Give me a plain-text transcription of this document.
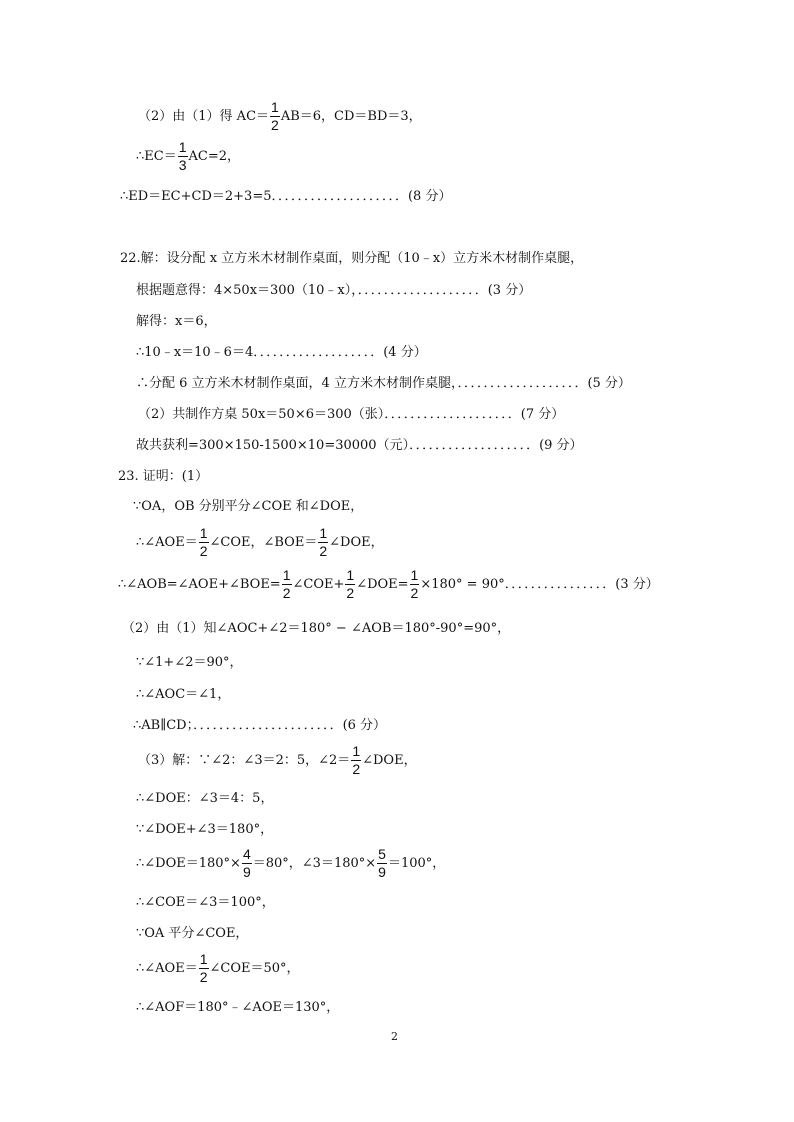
（2）由（1）得 $AC= \frac{1}{2} AB=6$，CD＝BD＝3，
∴EC＝ $\frac{1}{3} AC=2$，
∴ED＝EC+CD＝2+3=5．．．．．．．．．．．．．．．．．．．．(8 分）
22.解：设分配 x 立方米木材制作桌面，则分配（10﹣x）立方米木材制作桌腿，
根据题意得：4×50x＝300（10﹣x），．．．．．．．．．．．．．．．．．．．(3 分）
解得：x＝6，
∴10﹣x＝10﹣6＝4．．．．．．．．．．．．．．．．．．．(4 分）
∴分配 6 立方米木材制作桌面，4 立方米木材制作桌腿，．．．．．．．．．．．．．．．．．．．(5 分）
（2）共制作方桌 50x＝50×6＝300（张）．．．．．．．．．．．．．．．．．．．．(7 分）
故共获利=300×150-1500×10=30000（元）．．．．．．．．．．．．．．．．．．．(9 分）
23. 证明：(1）
∵OA，OB 分别平分∠COE 和∠DOE，
∴∠AOE＝ $\frac{1}{2}$ ∠COE，∠BOE＝ $\frac{1}{2}$ ∠DOE，
∴∠AOB=∠AOE+∠BOE= $\frac{1}{2}$ ∠COE+ $\frac{1}{2}$ ∠DOE= $\frac{1}{2} \times 180^\circ = 90^\circ$．．．．．．．．．．．．．．．．(3 分）
（2）由（1）知∠AOC+∠2＝180° − ∠AOB＝180°-90°=90°，
∵∠1+∠2＝90°，
∴∠AOC＝∠1，
∴AB∥CD；．．．．．．．．．．．．．．．．．．．．．．(6 分）
（3）解：∵∠2：∠3＝2：5，∠2＝ $\frac{1}{2}$ ∠DOE，
∴∠DOE：∠3＝4：5，
∵∠DOE+∠3＝180°，
∴∠DOE＝180°× $\frac{4}{9} =80^\circ$，∠3＝180°× $\frac{5}{9} =100^\circ$，
∴∠COE＝∠3＝100°，
∵OA 平分∠COE，
∴∠AOE＝ $\frac{1}{2}$ ∠COE＝50°，
∴∠AOF＝180°﹣∠AOE＝130°，
2
